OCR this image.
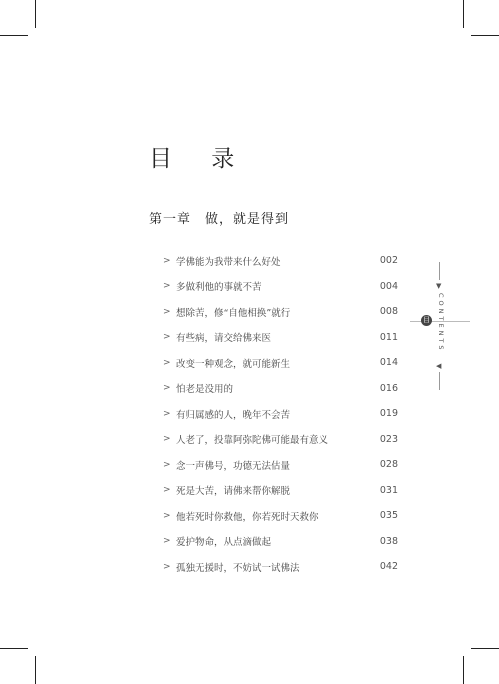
目 录
第一章　做，就是得到
> 学佛能为我带来什么好处	002
> 多做利他的事就不苦	004
> 想除苦，修“自他相换”就行	008
> 有些病，请交给佛来医	011
> 改变一种观念，就可能新生	014
> 怕老是没用的	016
> 有归属感的人，晚年不会苦	019
> 人老了，投靠阿弥陀佛可能最有意义	023
> 念一声佛号，功德无法估量	028
> 死是大苦，请佛来帮你解脱	031
> 他若死时你救他，你若死时天救你	035
> 爱护物命，从点滴做起	038
> 孤独无援时，不妨试一试佛法	042
▼
CONTENTS
◀
目
